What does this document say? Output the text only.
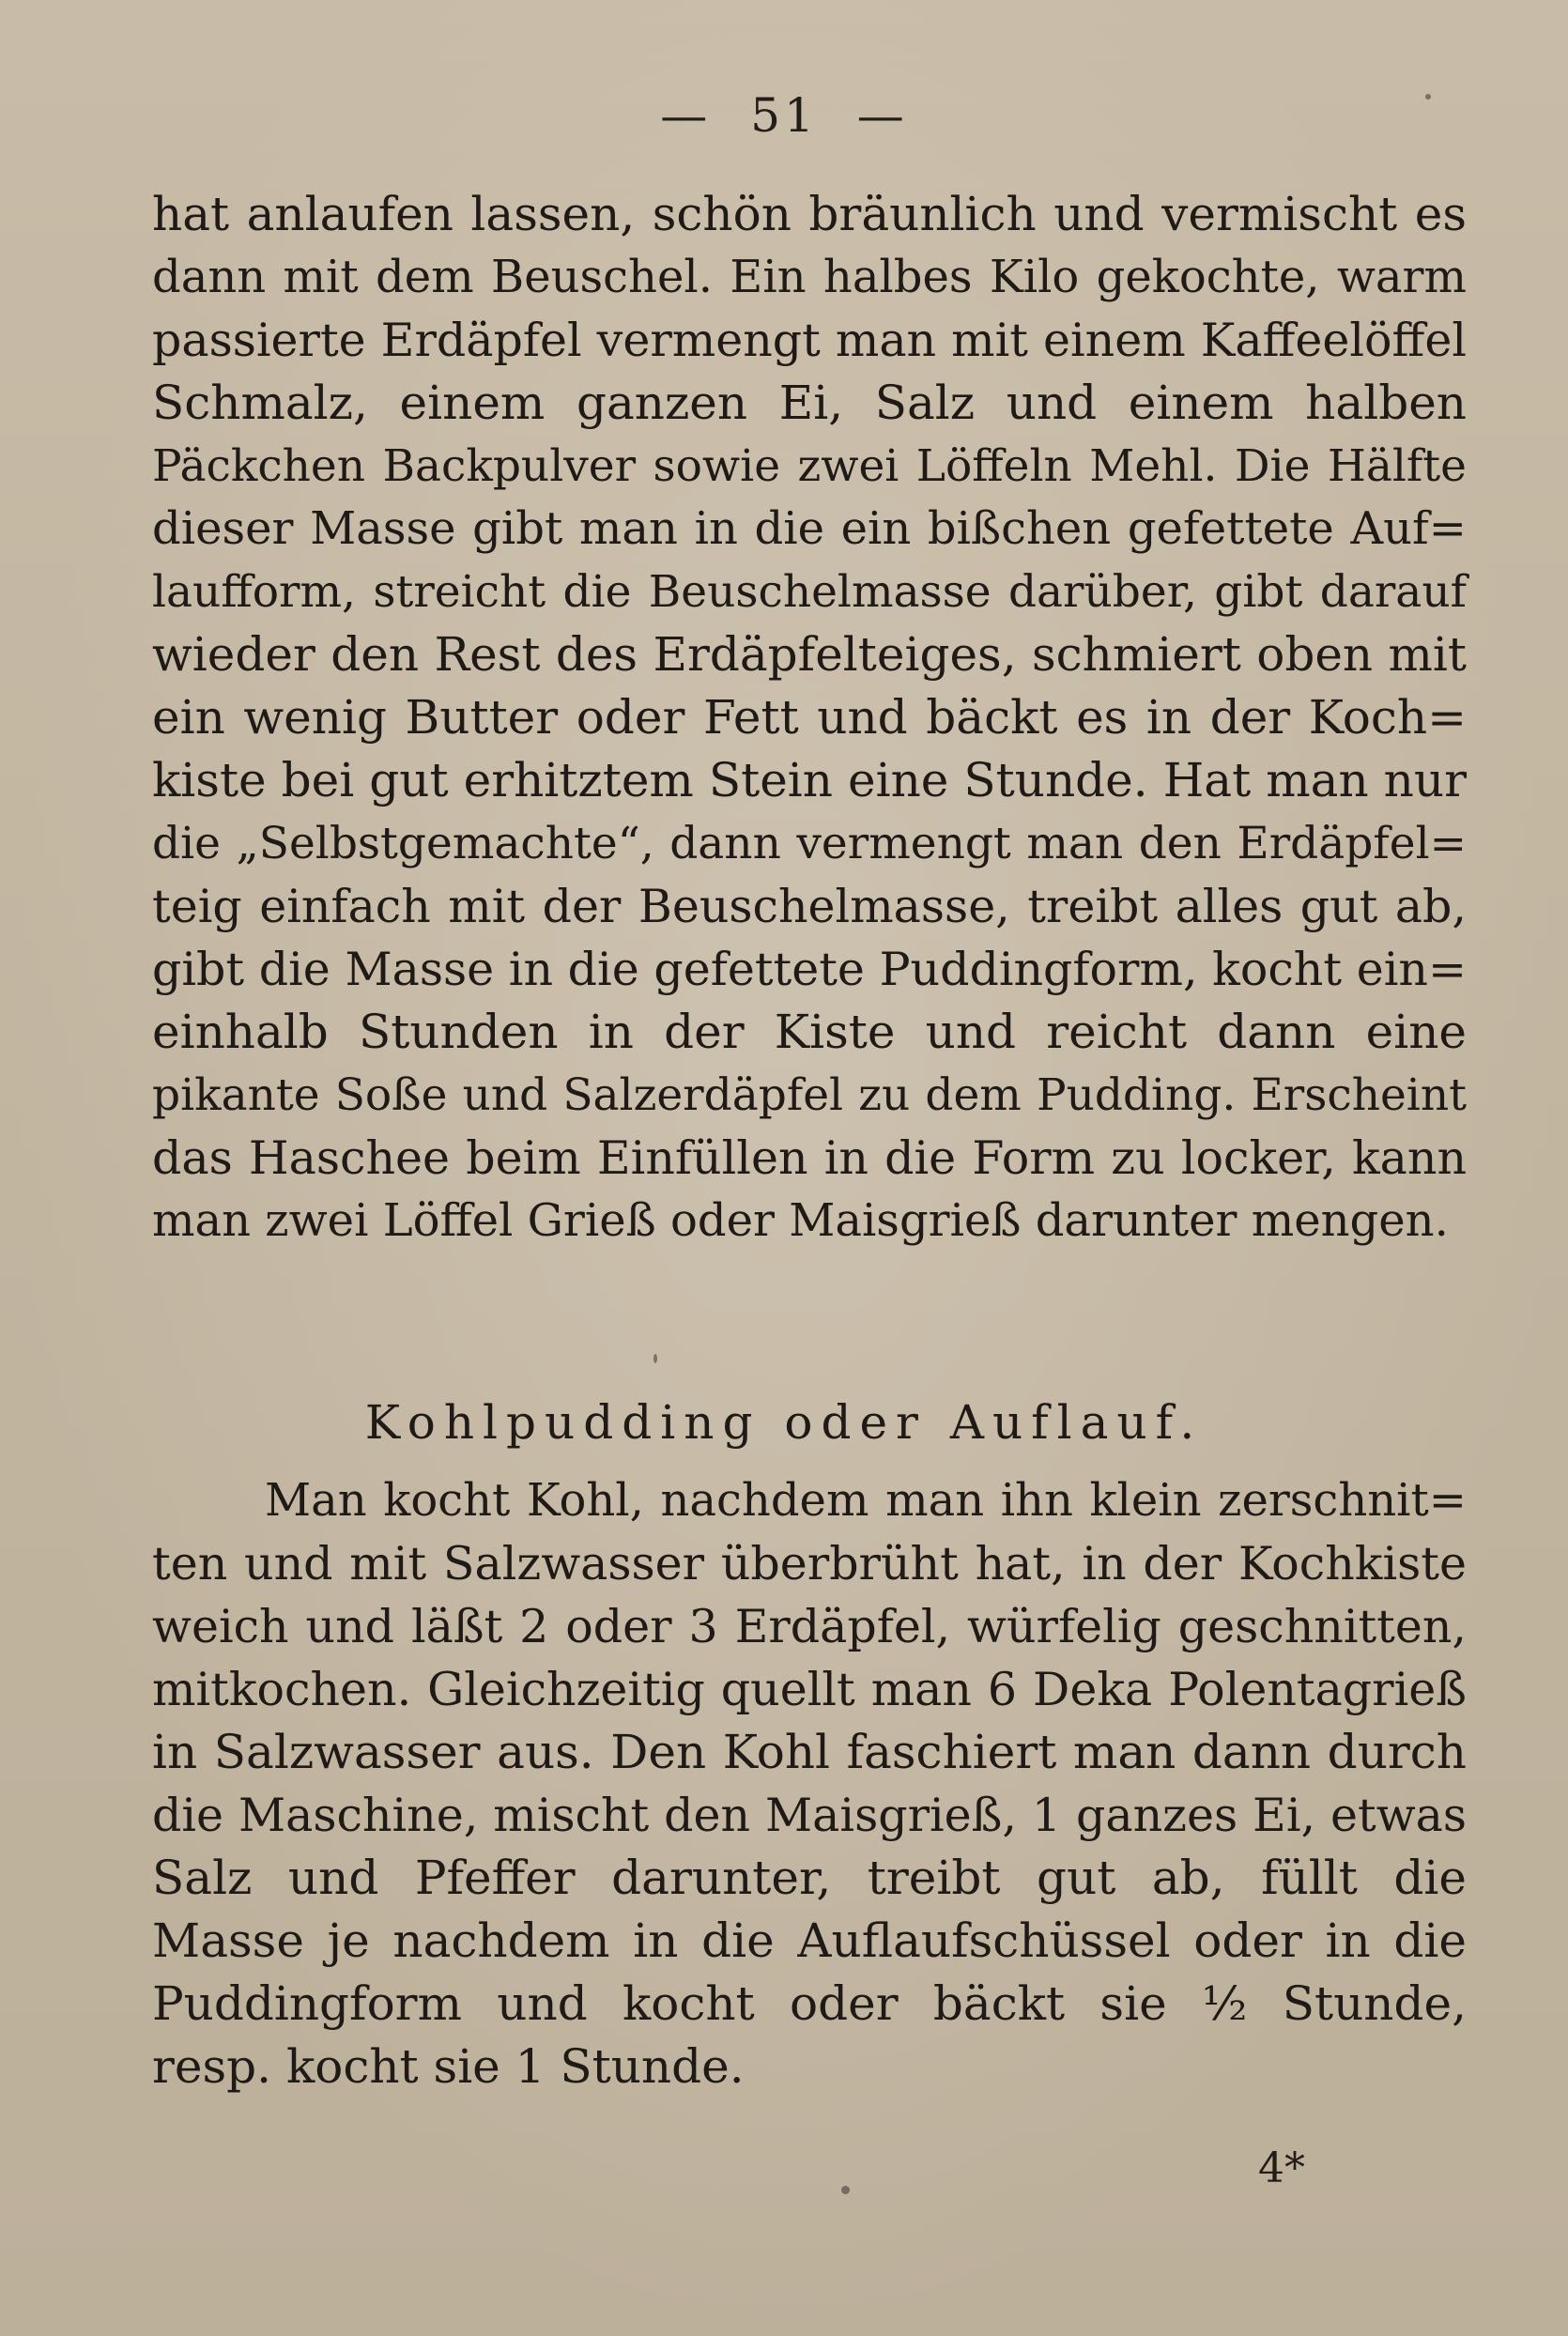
— 51 —
hat anlaufen lassen, schön bräunlich und vermischt es
dann mit dem Beuschel. Ein halbes Kilo gekochte, warm
passierte Erdäpfel vermengt man mit einem Kaffeelöffel
Schmalz, einem ganzen Ei, Salz und einem halben
Päckchen Backpulver sowie zwei Löffeln Mehl. Die Hälfte
dieser Masse gibt man in die ein bißchen gefettete Auf=
laufform, streicht die Beuschelmasse darüber, gibt darauf
wieder den Rest des Erdäpfelteiges, schmiert oben mit
ein wenig Butter oder Fett und bäckt es in der Koch=
kiste bei gut erhitztem Stein eine Stunde. Hat man nur
die „Selbstgemachte“, dann vermengt man den Erdäpfel=
teig einfach mit der Beuschelmasse, treibt alles gut ab,
gibt die Masse in die gefettete Puddingform, kocht ein=
einhalb Stunden in der Kiste und reicht dann eine
pikante Soße und Salzerdäpfel zu dem Pudding. Erscheint
das Haschee beim Einfüllen in die Form zu locker, kann
man zwei Löffel Grieß oder Maisgrieß darunter mengen.
Kohlpudding oder Auflauf.
Man kocht Kohl, nachdem man ihn klein zerschnit=
ten und mit Salzwasser überbrüht hat, in der Kochkiste
weich und läßt 2 oder 3 Erdäpfel, würfelig geschnitten,
mitkochen. Gleichzeitig quellt man 6 Deka Polentagrieß
in Salzwasser aus. Den Kohl faschiert man dann durch
die Maschine, mischt den Maisgrieß, 1 ganzes Ei, etwas
Salz und Pfeffer darunter, treibt gut ab, füllt die
Masse je nachdem in die Auflaufschüssel oder in die
Puddingform und kocht oder bäckt sie ½ Stunde,
resp. kocht sie 1 Stunde.
4*
